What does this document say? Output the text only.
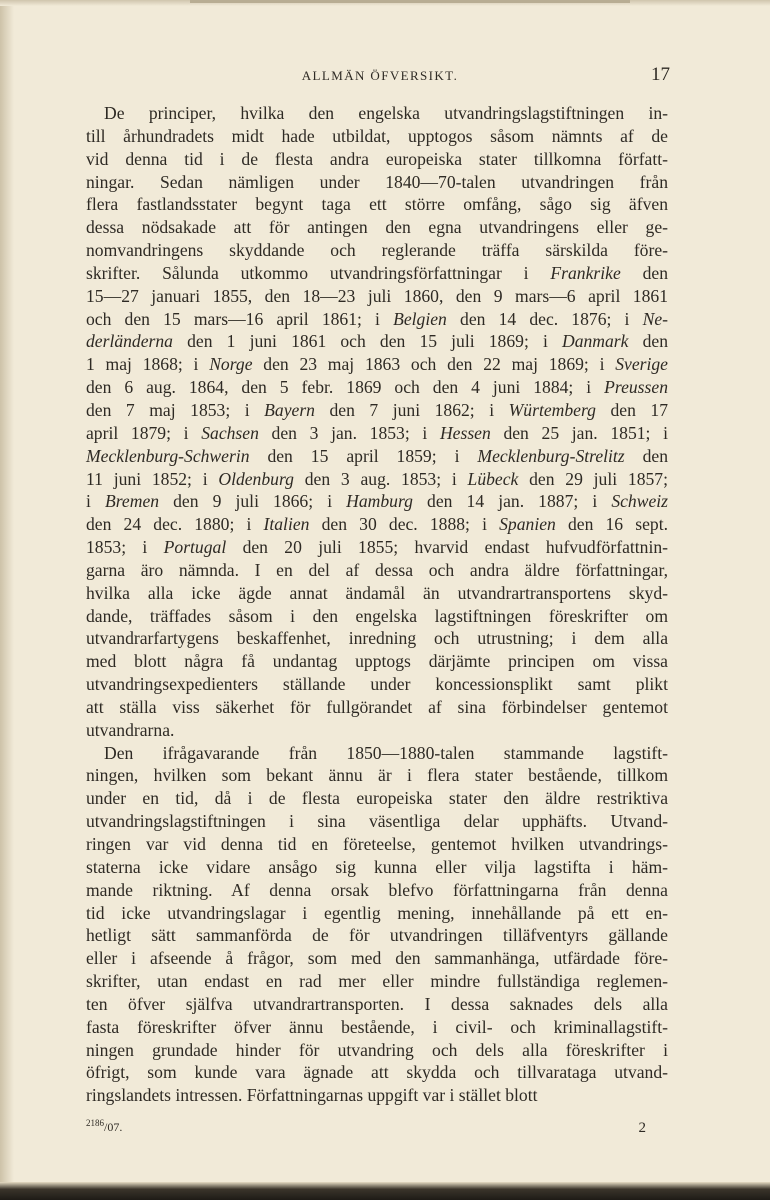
ALLMÄN ÖFVERSIKT.	17
De principer, hvilka den engelska utvandringslagstiftningen in-
till århundradets midt hade utbildat, upptogos såsom nämnts af de
vid denna tid i de flesta andra europeiska stater tillkomna författ-
ningar. Sedan nämligen under 1840—70-talen utvandringen från
flera fastlandsstater begynt taga ett större omfång, sågo sig äfven
dessa nödsakade att för antingen den egna utvandringens eller ge-
nomvandringens skyddande och reglerande träffa särskilda före-
skrifter. Sålunda utkommo utvandringsförfattningar i Frankrike den
15—27 januari 1855, den 18—23 juli 1860, den 9 mars—6 april 1861
och den 15 mars—16 april 1861; i Belgien den 14 dec. 1876; i Ne-
derländerna den 1 juni 1861 och den 15 juli 1869; i Danmark den
1 maj 1868; i Norge den 23 maj 1863 och den 22 maj 1869; i Sverige
den 6 aug. 1864, den 5 febr. 1869 och den 4 juni 1884; i Preussen
den 7 maj 1853; i Bayern den 7 juni 1862; i Würtemberg den 17
april 1879; i Sachsen den 3 jan. 1853; i Hessen den 25 jan. 1851; i
Mecklenburg-Schwerin den 15 april 1859; i Mecklenburg-Strelitz den
11 juni 1852; i Oldenburg den 3 aug. 1853; i Lübeck den 29 juli 1857;
i Bremen den 9 juli 1866; i Hamburg den 14 jan. 1887; i Schweiz
den 24 dec. 1880; i Italien den 30 dec. 1888; i Spanien den 16 sept.
1853; i Portugal den 20 juli 1855; hvarvid endast hufvudförfattnin-
garna äro nämnda. I en del af dessa och andra äldre författningar,
hvilka alla icke ägde annat ändamål än utvandrartransportens skyd-
dande, träffades såsom i den engelska lagstiftningen föreskrifter om
utvandrarfartygens beskaffenhet, inredning och utrustning; i dem alla
med blott några få undantag upptogs därjämte principen om vissa
utvandringsexpedienters ställande under koncessionsplikt samt plikt
att ställa viss säkerhet för fullgörandet af sina förbindelser gentemot
utvandrarna.
Den ifrågavarande från 1850—1880-talen stammande lagstift-
ningen, hvilken som bekant ännu är i flera stater bestående, tillkom
under en tid, då i de flesta europeiska stater den äldre restriktiva
utvandringslagstiftningen i sina väsentliga delar upphäfts. Utvand-
ringen var vid denna tid en företeelse, gentemot hvilken utvandrings-
staterna icke vidare ansågo sig kunna eller vilja lagstifta i häm-
mande riktning. Af denna orsak blefvo författningarna från denna
tid icke utvandringslagar i egentlig mening, innehållande på ett en-
hetligt sätt sammanförda de för utvandringen tilläfventyrs gällande
eller i afseende å frågor, som med den sammanhänga, utfärdade före-
skrifter, utan endast en rad mer eller mindre fullständiga reglemen-
ten öfver själfva utvandrartransporten. I dessa saknades dels alla
fasta föreskrifter öfver ännu bestående, i civil- och kriminallagstift-
ningen grundade hinder för utvandring och dels alla föreskrifter i
öfrigt, som kunde vara ägnade att skydda och tillvarataga utvand-
ringslandets intressen. Författningarnas uppgift var i stället blott
$^{2186}$/07.	2
